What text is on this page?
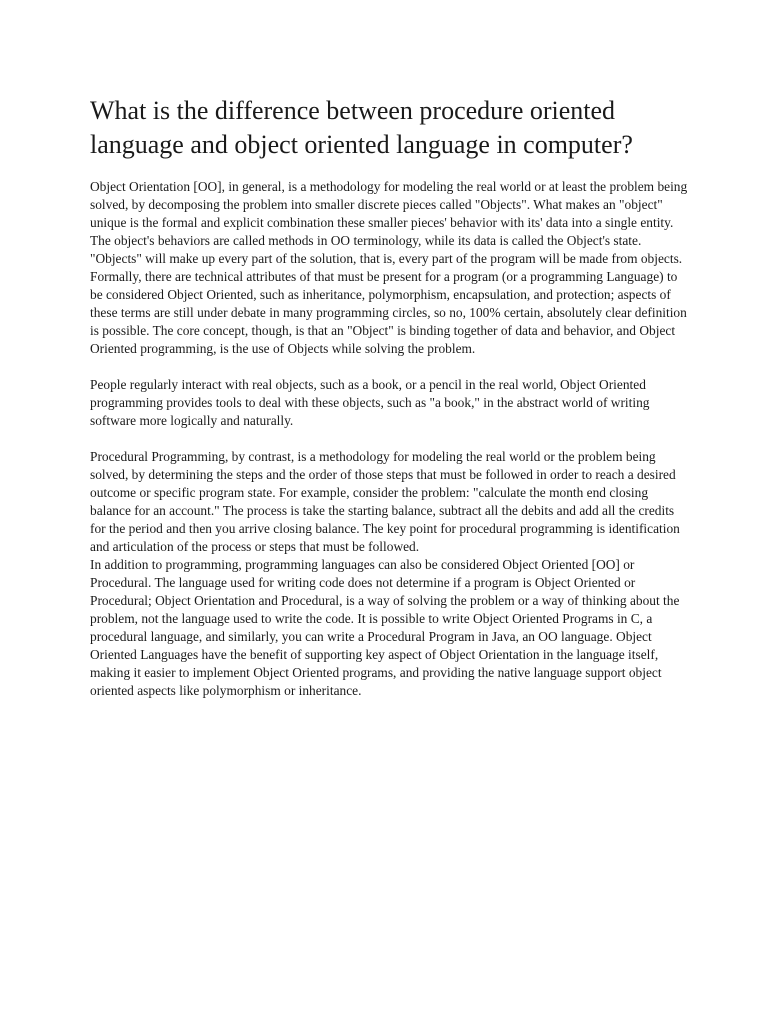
What is the difference between procedure oriented language and object oriented language in computer?

Object Orientation [OO], in general, is a methodology for modeling the real world or at least the problem being solved, by decomposing the problem into smaller discrete pieces called "Objects". What makes an "object" unique is the formal and explicit combination these smaller pieces' behavior with its' data into a single entity. The object's behaviors are called methods in OO terminology, while its data is called the Object's state. "Objects" will make up every part of the solution, that is, every part of the program will be made from objects. Formally, there are technical attributes of that must be present for a program (or a programming Language) to be considered Object Oriented, such as inheritance, polymorphism, encapsulation, and protection; aspects of these terms are still under debate in many programming circles, so no, 100% certain, absolutely clear definition is possible. The core concept, though, is that an "Object" is binding together of data and behavior, and Object Oriented programming, is the use of Objects while solving the problem.

People regularly interact with real objects, such as a book, or a pencil in the real world, Object Oriented programming provides tools to deal with these objects, such as "a book," in the abstract world of writing software more logically and naturally.

Procedural Programming, by contrast, is a methodology for modeling the real world or the problem being solved, by determining the steps and the order of those steps that must be followed in order to reach a desired outcome or specific program state. For example, consider the problem: "calculate the month end closing balance for an account." The process is take the starting balance, subtract all the debits and add all the credits for the period and then you arrive closing balance. The key point for procedural programming is identification and articulation of the process or steps that must be followed.

In addition to programming, programming languages can also be considered Object Oriented [OO] or Procedural. The language used for writing code does not determine if a program is Object Oriented or Procedural; Object Orientation and Procedural, is a way of solving the problem or a way of thinking about the problem, not the language used to write the code. It is possible to write Object Oriented Programs in C, a procedural language, and similarly, you can write a Procedural Program in Java, an OO language. Object Oriented Languages have the benefit of supporting key aspect of Object Orientation in the language itself, making it easier to implement Object Oriented programs, and providing the native language support object oriented aspects like polymorphism or inheritance.
